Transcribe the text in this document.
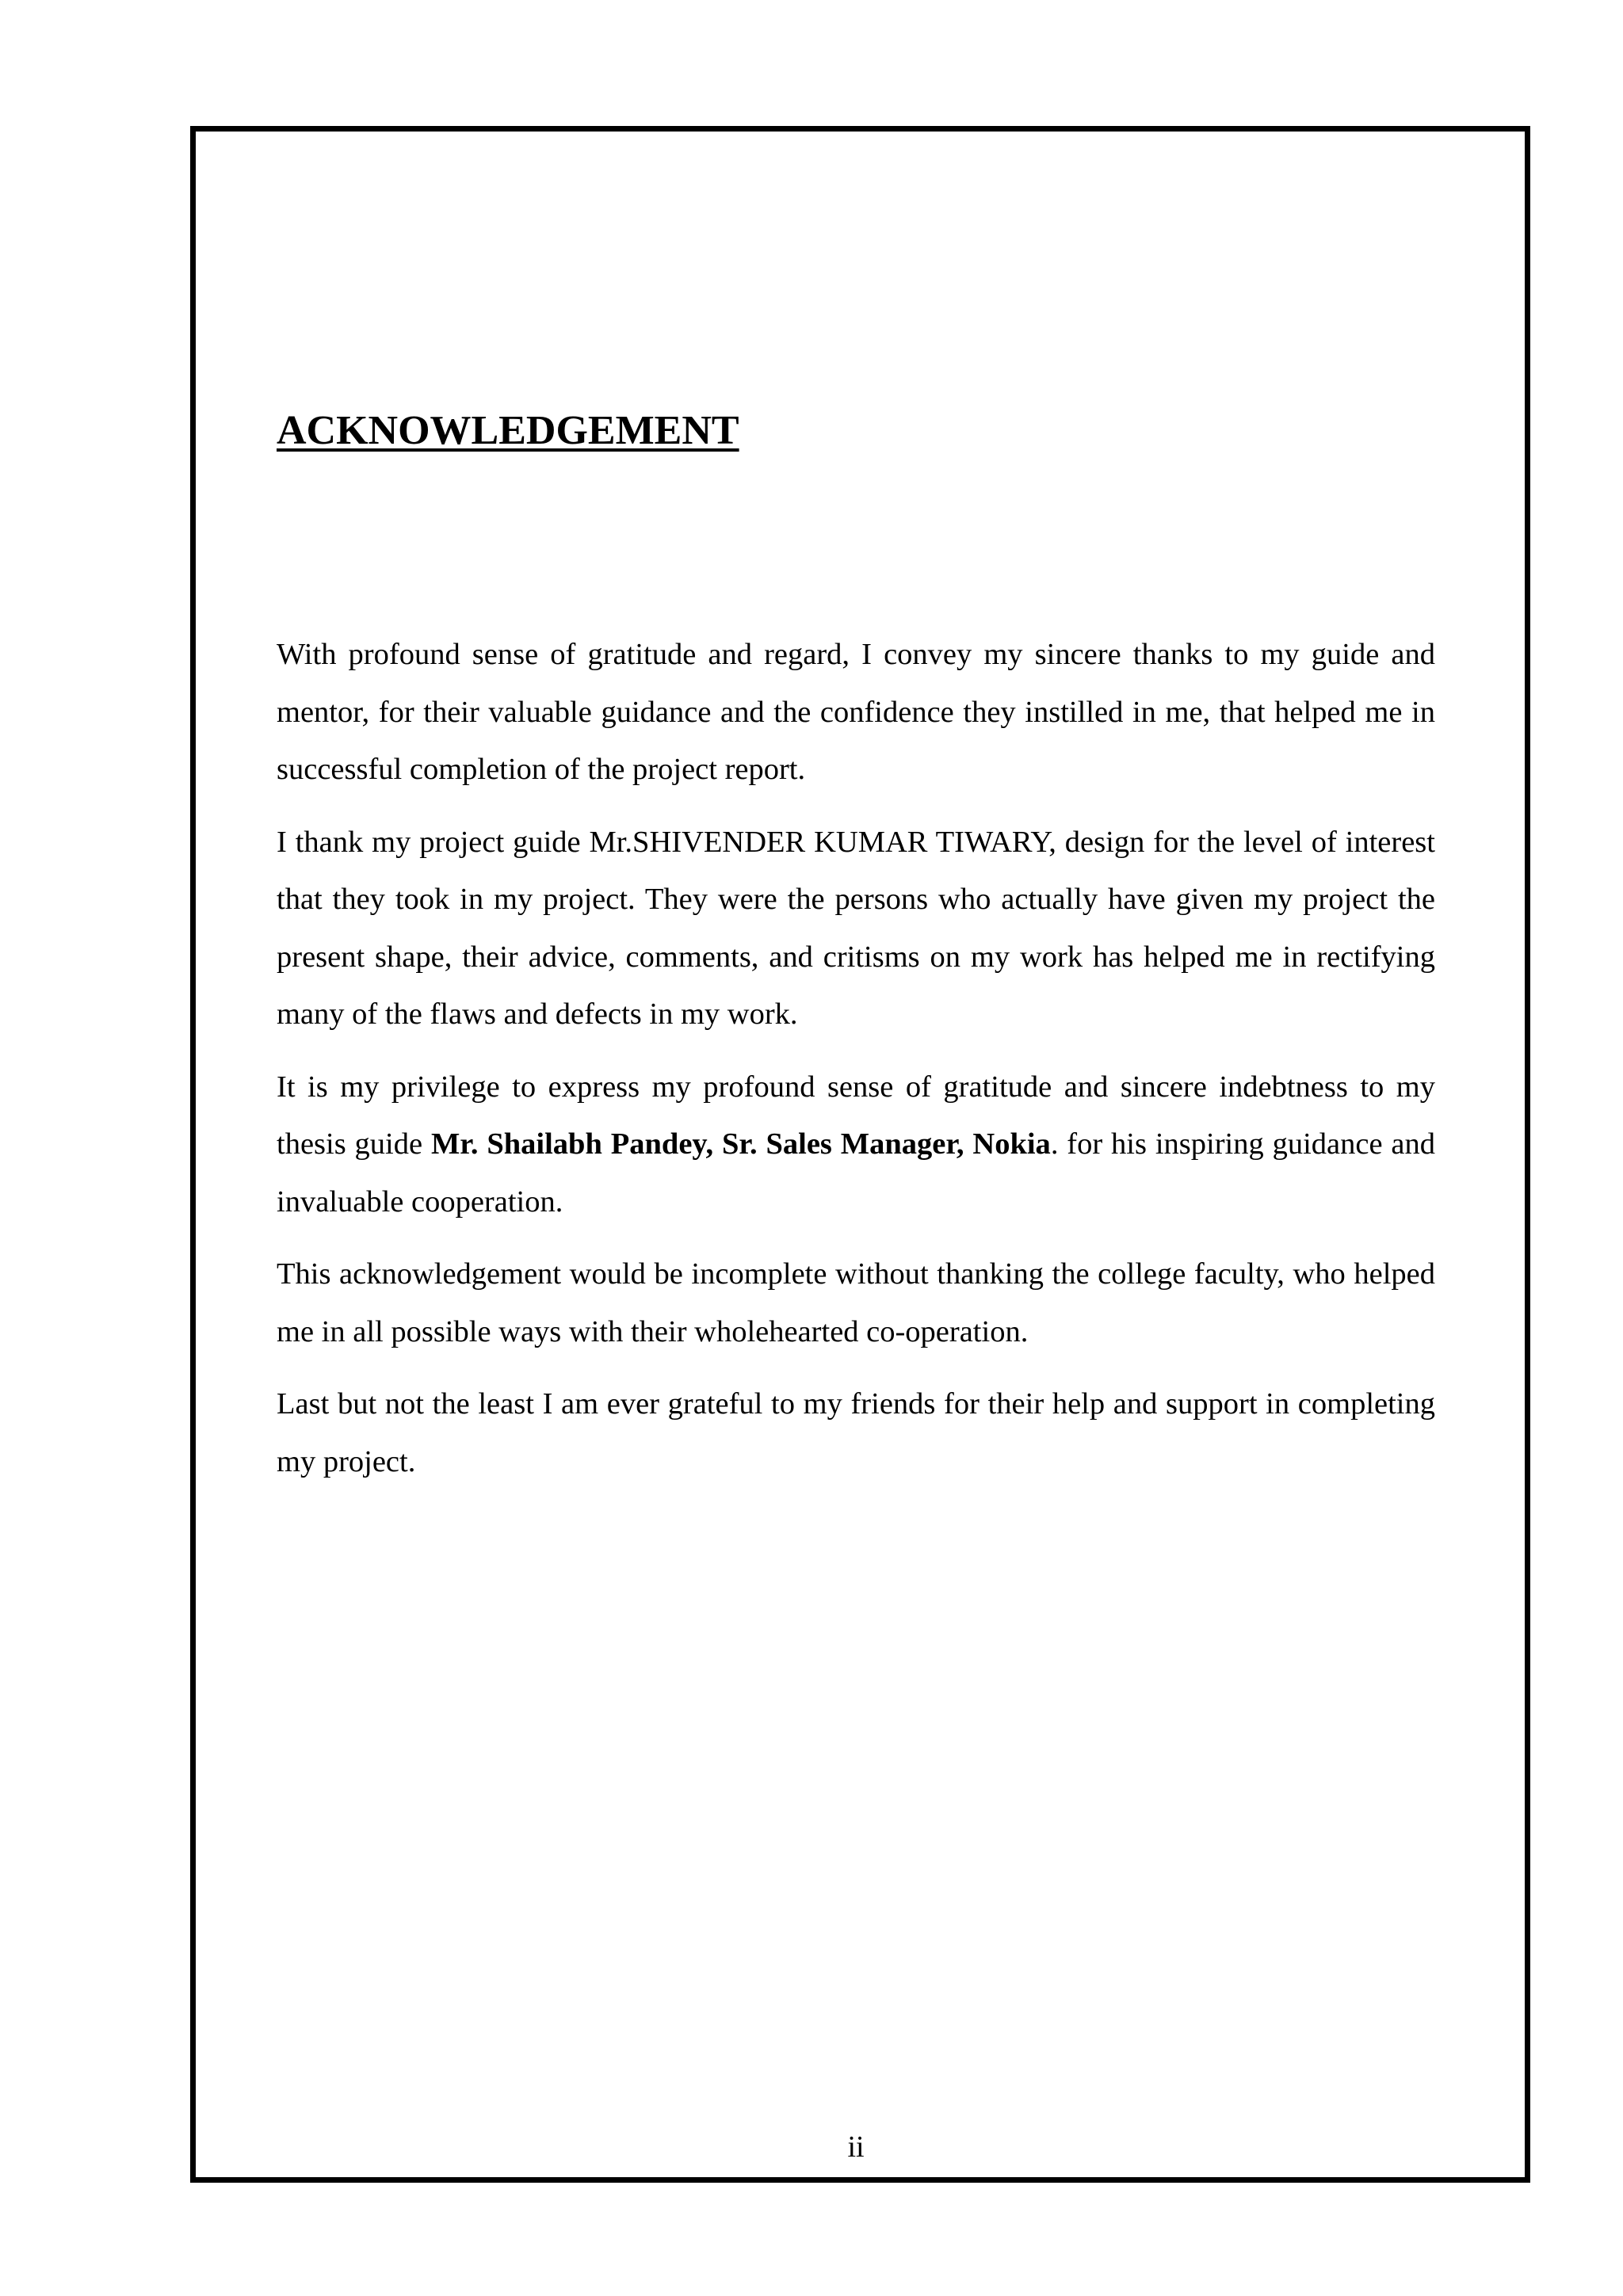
ACKNOWLEDGEMENT

With profound sense of gratitude and regard, I convey my sincere thanks to my guide and mentor, for their valuable guidance and the confidence they instilled in me, that helped me in successful completion of the project report.

I thank my project guide Mr.SHIVENDER KUMAR TIWARY, design for the level of interest that they took in my project. They were the persons who actually have given my project the present shape, their advice, comments, and critisms on my work has helped me in rectifying many of the flaws and defects in my work.

It is my privilege to express my profound sense of gratitude and sincere indebtness to my thesis guide Mr. Shailabh Pandey, Sr. Sales Manager, Nokia. for his inspiring guidance and invaluable cooperation.

This acknowledgement would be incomplete without thanking the college faculty, who helped me in all possible ways with their wholehearted co-operation.

Last but not the least I am ever grateful to my friends for their help and support in completing my project.

ii
